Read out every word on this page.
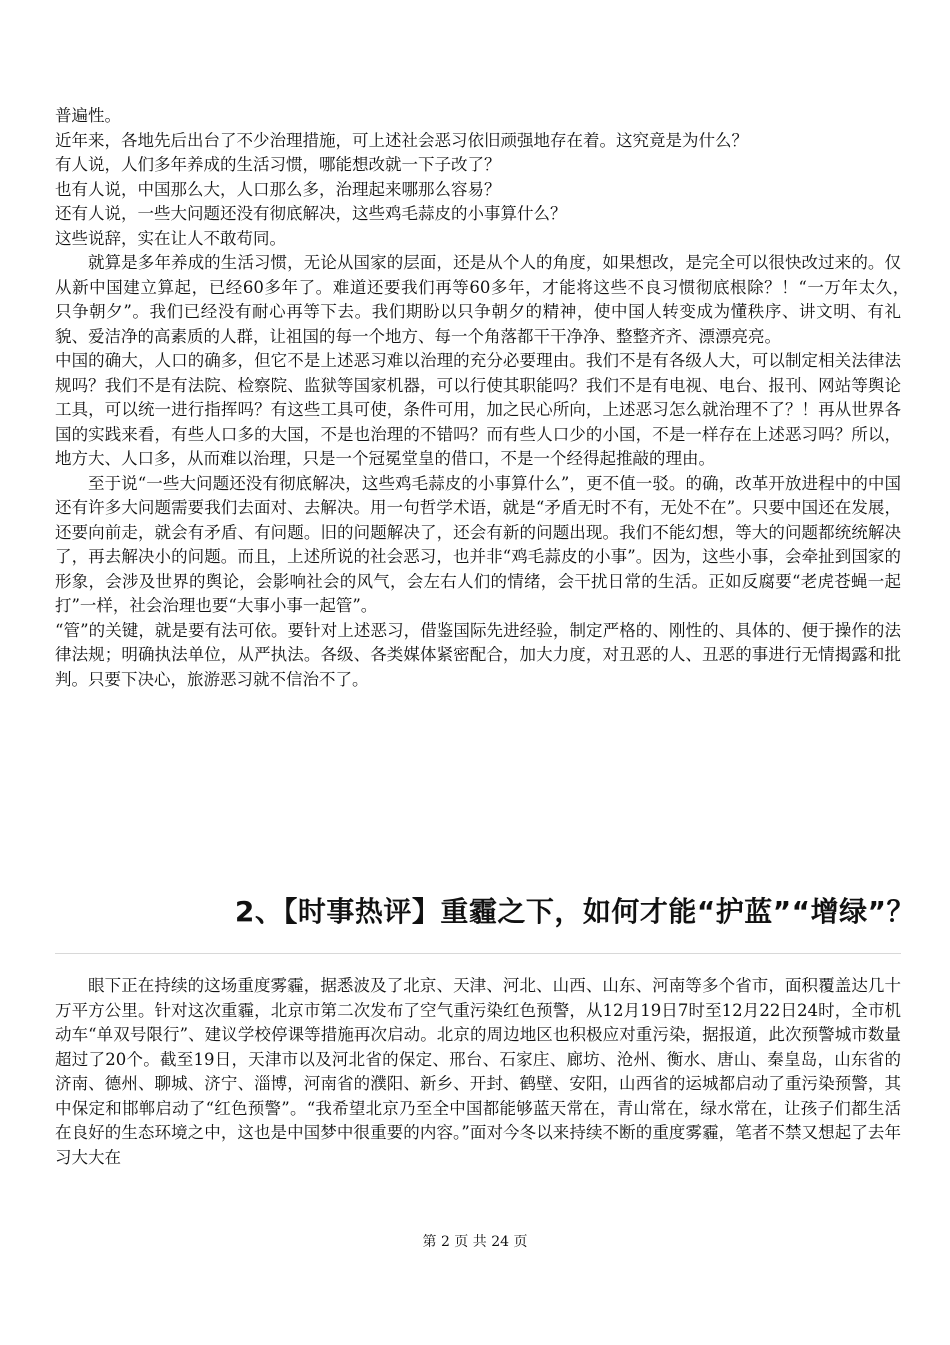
普遍性。
近年来，各地先后出台了不少治理措施，可上述社会恶习依旧顽强地存在着。这究竟是为什么？
有人说，人们多年养成的生活习惯，哪能想改就一下子改了？
也有人说，中国那么大，人口那么多，治理起来哪那么容易？
还有人说，一些大问题还没有彻底解决，这些鸡毛蒜皮的小事算什么？
这些说辞，实在让人不敢苟同。
就算是多年养成的生活习惯，无论从国家的层面，还是从个人的角度，如果想改，是完全可以很快改过来的。仅从新中国建立算起，已经60多年了。难道还要我们再等60多年，才能将这些不良习惯彻底根除？！“一万年太久，　只争朝夕”。我们已经没有耐心再等下去。我们期盼以只争朝夕的精神，使中国人转变成为懂秩序、讲文明、有礼貌、爱洁净的高素质的人群，让祖国的每一个地方、每一个角落都干干净净、整整齐齐、漂漂亮亮。
中国的确大，人口的确多，但它不是上述恶习难以治理的充分必要理由。我们不是有各级人大，可以制定相关法律法规吗？我们不是有法院、检察院、监狱等国家机器，可以行使其职能吗？我们不是有电视、电台、报刊、网站等舆论工具，可以统一进行指挥吗？有这些工具可使，条件可用，加之民心所向，上述恶习怎么就治理不了？！再从世界各国的实践来看，有些人口多的大国，不是也治理的不错吗？而有些人口少的小国，不是一样存在上述恶习吗？所以，地方大、人口多，从而难以治理，只是一个冠冕堂皇的借口，不是一个经得起推敲的理由。
至于说“一些大问题还没有彻底解决，这些鸡毛蒜皮的小事算什么”，更不值一驳。的确，改革开放进程中的中国还有许多大问题需要我们去面对、去解决。用一句哲学术语，就是“矛盾无时不有，无处不在”。只要中国还在发展，还要向前走，就会有矛盾、有问题。旧的问题解决了，还会有新的问题出现。我们不能幻想，等大的问题都统统解决了，再去解决小的问题。而且，上述所说的社会恶习，也并非“鸡毛蒜皮的小事”。因为，这些小事，会牵扯到国家的形象，会涉及世界的舆论，会影响社会的风气，会左右人们的情绪，会干扰日常的生活。正如反腐要“老虎苍蝇一起打”一样，社会治理也要“大事小事一起管”。
“管”的关键，就是要有法可依。要针对上述恶习，借鉴国际先进经验，制定严格的、刚性的、具体的、便于操作的法律法规；明确执法单位，从严执法。各级、各类媒体紧密配合，加大力度，对丑恶的人、丑恶的事进行无情揭露和批判。只要下决心，旅游恶习就不信治不了。
2、【时事热评】重霾之下，如何才能“护蓝”“增绿”？
眼下正在持续的这场重度雾霾，据悉波及了北京、天津、河北、山西、山东、河南等多个省市，面积覆盖达几十万平方公里。针对这次重霾，北京市第二次发布了空气重污染红色预警，从12月19日7时至12月22日24时，全市机动车“单双号限行”、建议学校停课等措施再次启动。北京的周边地区也积极应对重污染，据报道，此次预警城市数量超过了20个。截至19日，天津市以及河北省的保定、邢台、石家庄、廊坊、沧州、衡水、唐山、秦皇岛，山东省的济南、德州、聊城、济宁、淄博，河南省的濮阳、新乡、开封、鹤壁、安阳，山西省的运城都启动了重污染预警，其中保定和邯郸启动了“红色预警”。“我希望北京乃至全中国都能够蓝天常在，青山常在，绿水常在，让孩子们都生活在良好的生态环境之中，这也是中国梦中很重要的内容。”面对今冬以来持续不断的重度雾霾，笔者不禁又想起了去年习大大在
第 2 页 共 24 页
